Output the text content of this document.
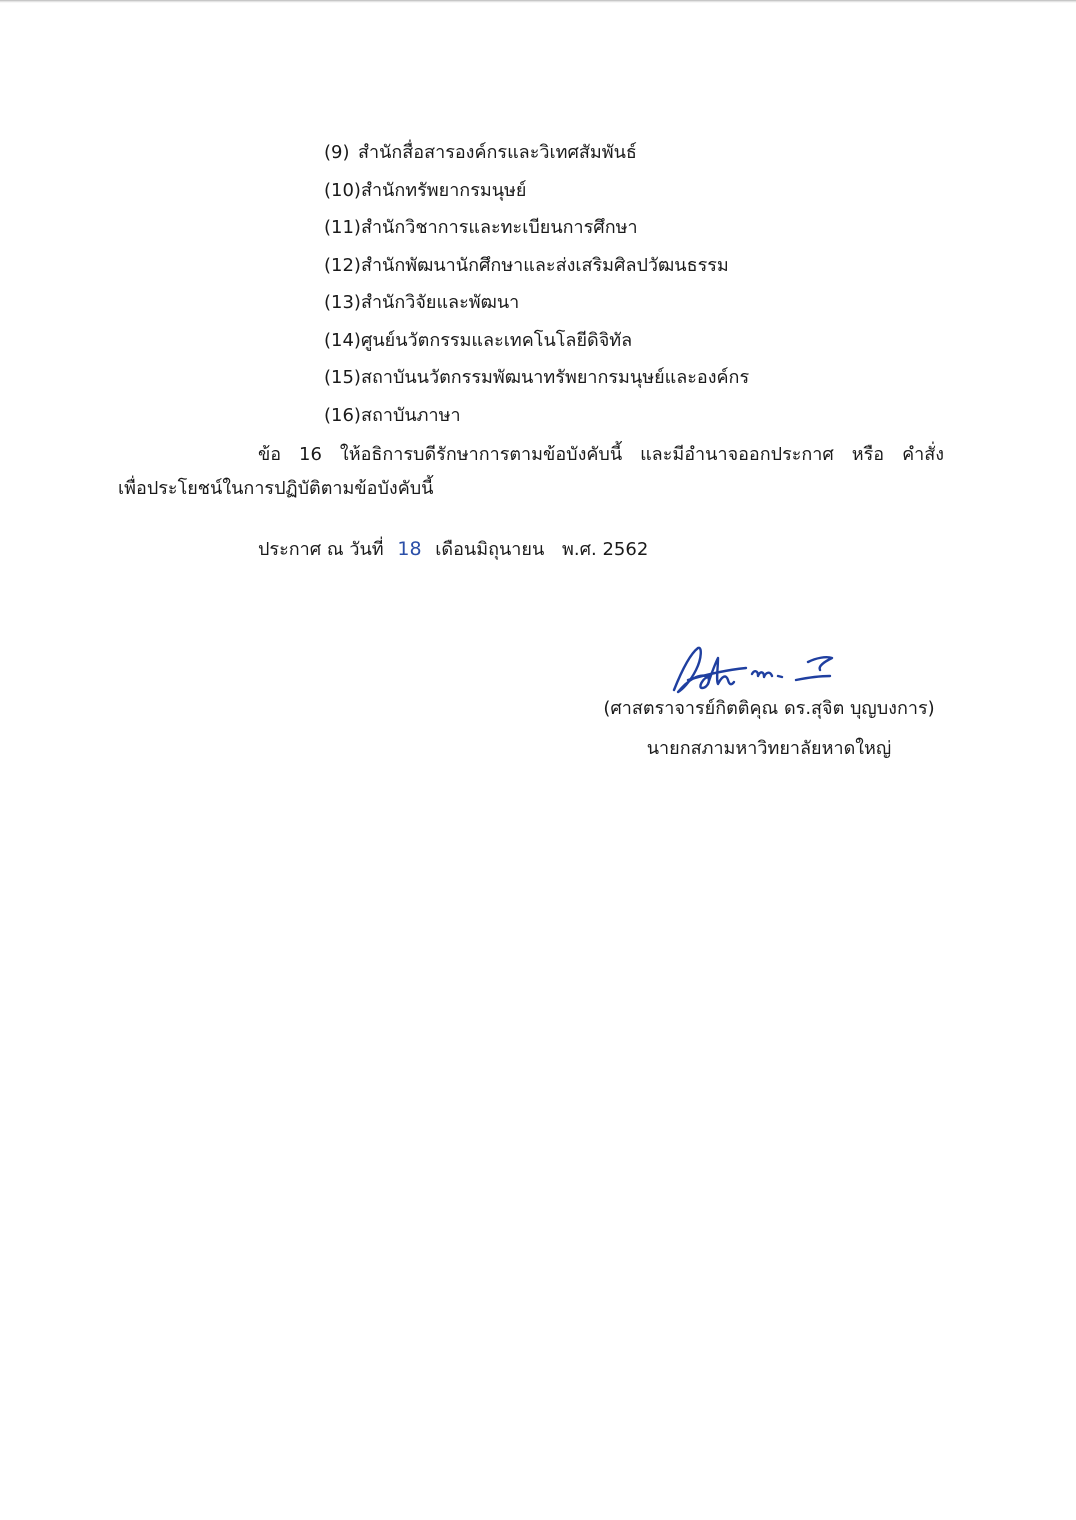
(9)สำนักสื่อสารองค์กรและวิเทศสัมพันธ์
(10)สำนักทรัพยากรมนุษย์
(11)สำนักวิชาการและทะเบียนการศึกษา
(12)สำนักพัฒนานักศึกษาและส่งเสริมศิลปวัฒนธรรม
(13)สำนักวิจัยและพัฒนา
(14)ศูนย์นวัตกรรมและเทคโนโลยีดิจิทัล
(15)สถาบันนวัตกรรมพัฒนาทรัพยากรมนุษย์และองค์กร
(16)สถาบันภาษา
ข้อ 16 ให้อธิการบดีรักษาการตามข้อบังคับนี้ และมีอำนาจออกประกาศ หรือ คำสั่ง
เพื่อประโยชน์ในการปฏิบัติตามข้อบังคับนี้
ประกาศ ณ วันที่ 18 เดือนมิถุนายน พ.ศ. 2562
(ศาสตราจารย์กิตติคุณ ดร.สุจิต บุญบงการ)
นายกสภามหาวิทยาลัยหาดใหญ่
